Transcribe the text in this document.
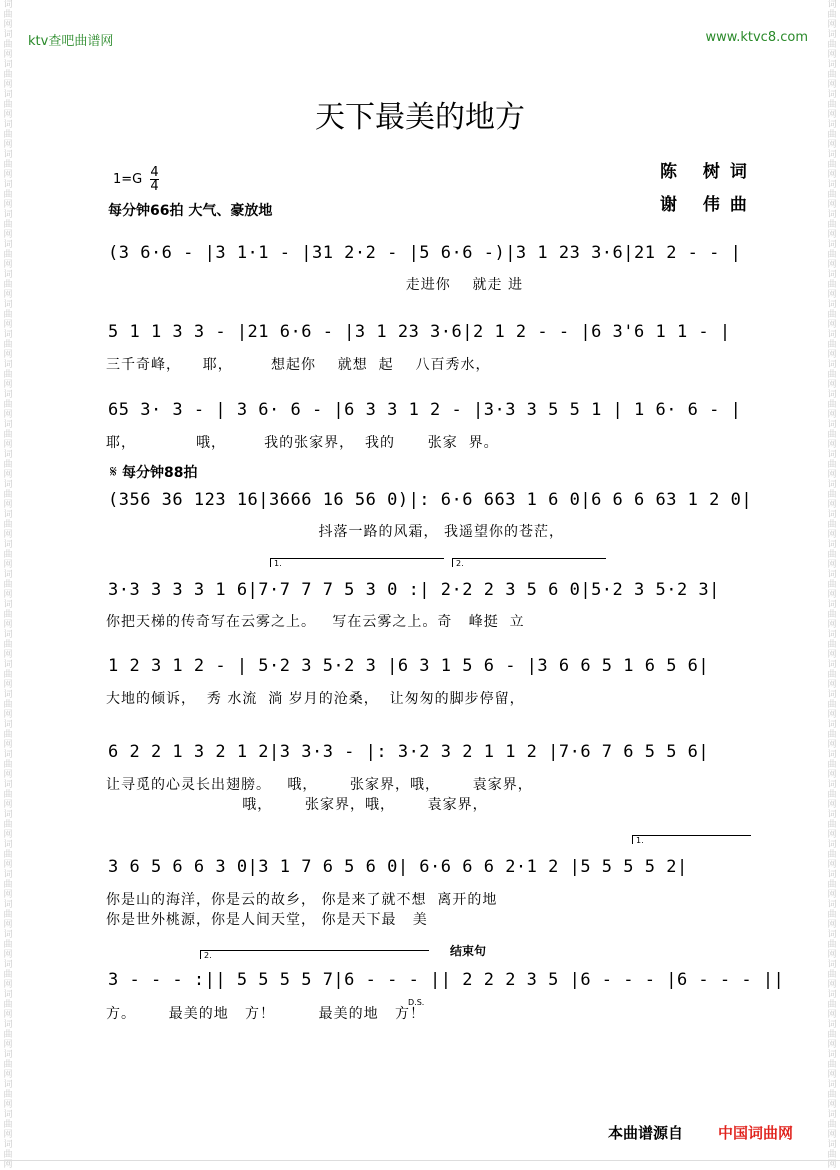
词曲网词曲网词曲网词曲网词曲网词曲网词曲网词曲网词曲网词曲网词曲网词曲网词曲网词曲网词曲网词曲网词曲网词曲网词曲网词曲网词曲网词曲网词曲网词曲网词曲网词曲网词曲网词曲网词曲网词曲网词曲网词曲网词曲网词曲网词曲网词曲网词曲网词曲网词曲网
词曲网词曲网词曲网词曲网词曲网词曲网词曲网词曲网词曲网词曲网词曲网词曲网词曲网词曲网词曲网词曲网词曲网词曲网词曲网词曲网词曲网词曲网词曲网词曲网词曲网词曲网词曲网词曲网词曲网词曲网词曲网词曲网词曲网词曲网词曲网词曲网词曲网词曲网词曲网
ktv查吧曲谱网	www.ktvc8.com
天下最美的地方
$1=G \frac{4}{4}$	陈 树词
谢 伟曲
每分钟66拍 大气、豪放地
(3 6·6 - |3 1·1 - |31 2·2 - |5 6·6 -)|3 1 23 3·6|21 2 - - |
走进你    就走 进
5 1 1 3 3 - |21 6·6 - |3 1 23 3·6|2 1 2 - - |6 3'6 1 1 - |
三千奇峰，    耶，       想起你    就想  起    八百秀水，
65 3· 3 - | 3 6· 6 - |6 3 3 1 2 - |3·3 3 5 5 1 | 1 6· 6 - |
耶，           哦，       我的张家界，  我的      张家  界。
𝄋 每分钟88拍
(356 36 123 16|3666 16 56 0)|: 6·6 663 1 6 0|6 6 6 63 1 2 0|
抖落一路的风霜， 我遥望你的苍茫，
1.	2.
3·3 3 3 3 1 6|7·7 7 7 5 3 0 :| 2·2 2 3 5 6 0|5·2 3 5·2 3|
你把天梯的传奇写在云雾之上。   写在云雾之上。奇   峰挺  立
1 2 3 1 2 - | 5·2 3 5·2 3 |6 3 1 5 6 - |3 6 6 5 1 6 5 6|
大地的倾诉，  秀 水流  淌 岁月的沧桑，  让匆匆的脚步停留，
6 2 2 1 3 2 1 2|3 3·3 - |: 3·2 3 2 1 1 2 |7·6 7 6 5 5 6|
让寻觅的心灵长出翅膀。   哦，      张家界，哦，      袁家界，
哦，      张家界，哦，      袁家界，
1.
3 6 5 6 6 3 0|3 1 7 6 5 6 0| 6·6 6 6 2·1 2 |5 5 5 5 2|
你是山的海洋，你是云的故乡， 你是来了就不想  离开的地
你是世外桃源，你是人间天堂， 你是天下最   美
2.	结束句
3 - - - :|| 5 5 5 5 7|6 - - - || 2 2 2 3 5 |6 - - - |6 - - - ||
D.S.
方。      最美的地   方！        最美的地   方！
本曲谱源自 中国词曲网
